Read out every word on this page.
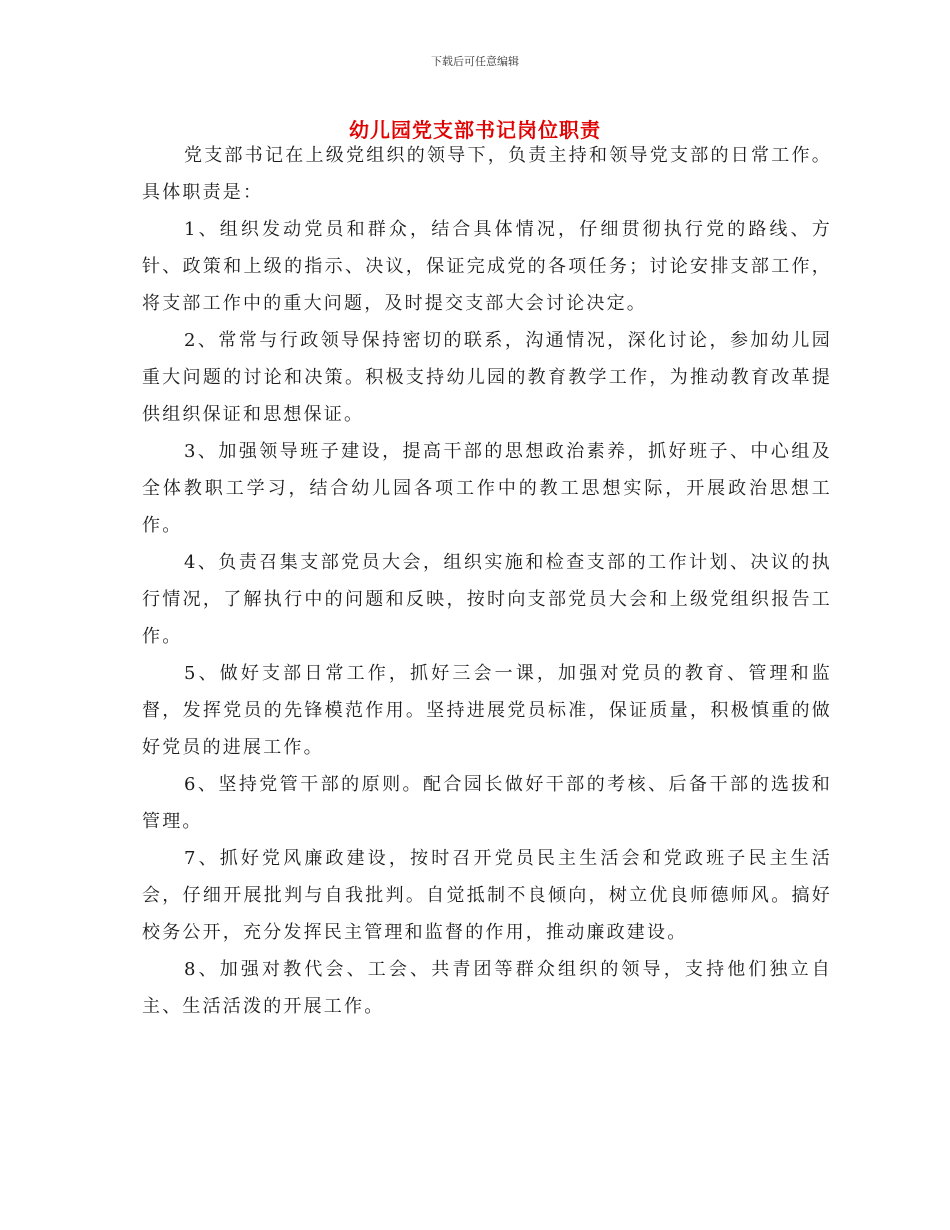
下载后可任意编辑
幼儿园党支部书记岗位职责

党支部书记在上级党组织的领导下，负责主持和领导党支部的日常工作。具体职责是：

1、组织发动党员和群众，结合具体情况，仔细贯彻执行党的路线、方针、政策和上级的指示、决议，保证完成党的各项任务；讨论安排支部工作，将支部工作中的重大问题，及时提交支部大会讨论决定。

2、常常与行政领导保持密切的联系，沟通情况，深化讨论，参加幼儿园重大问题的讨论和决策。积极支持幼儿园的教育教学工作，为推动教育改革提供组织保证和思想保证。

3、加强领导班子建设，提高干部的思想政治素养，抓好班子、中心组及全体教职工学习，结合幼儿园各项工作中的教工思想实际，开展政治思想工作。

4、负责召集支部党员大会，组织实施和检查支部的工作计划、决议的执行情况，了解执行中的问题和反映，按时向支部党员大会和上级党组织报告工作。

5、做好支部日常工作，抓好三会一课，加强对党员的教育、管理和监督，发挥党员的先锋模范作用。坚持进展党员标准，保证质量，积极慎重的做好党员的进展工作。

6、坚持党管干部的原则。配合园长做好干部的考核、后备干部的选拔和管理。

7、抓好党风廉政建设，按时召开党员民主生活会和党政班子民主生活会，仔细开展批判与自我批判。自觉抵制不良倾向，树立优良师德师风。搞好校务公开，充分发挥民主管理和监督的作用，推动廉政建设。

8、加强对教代会、工会、共青团等群众组织的领导，支持他们独立自主、生活活泼的开展工作。
